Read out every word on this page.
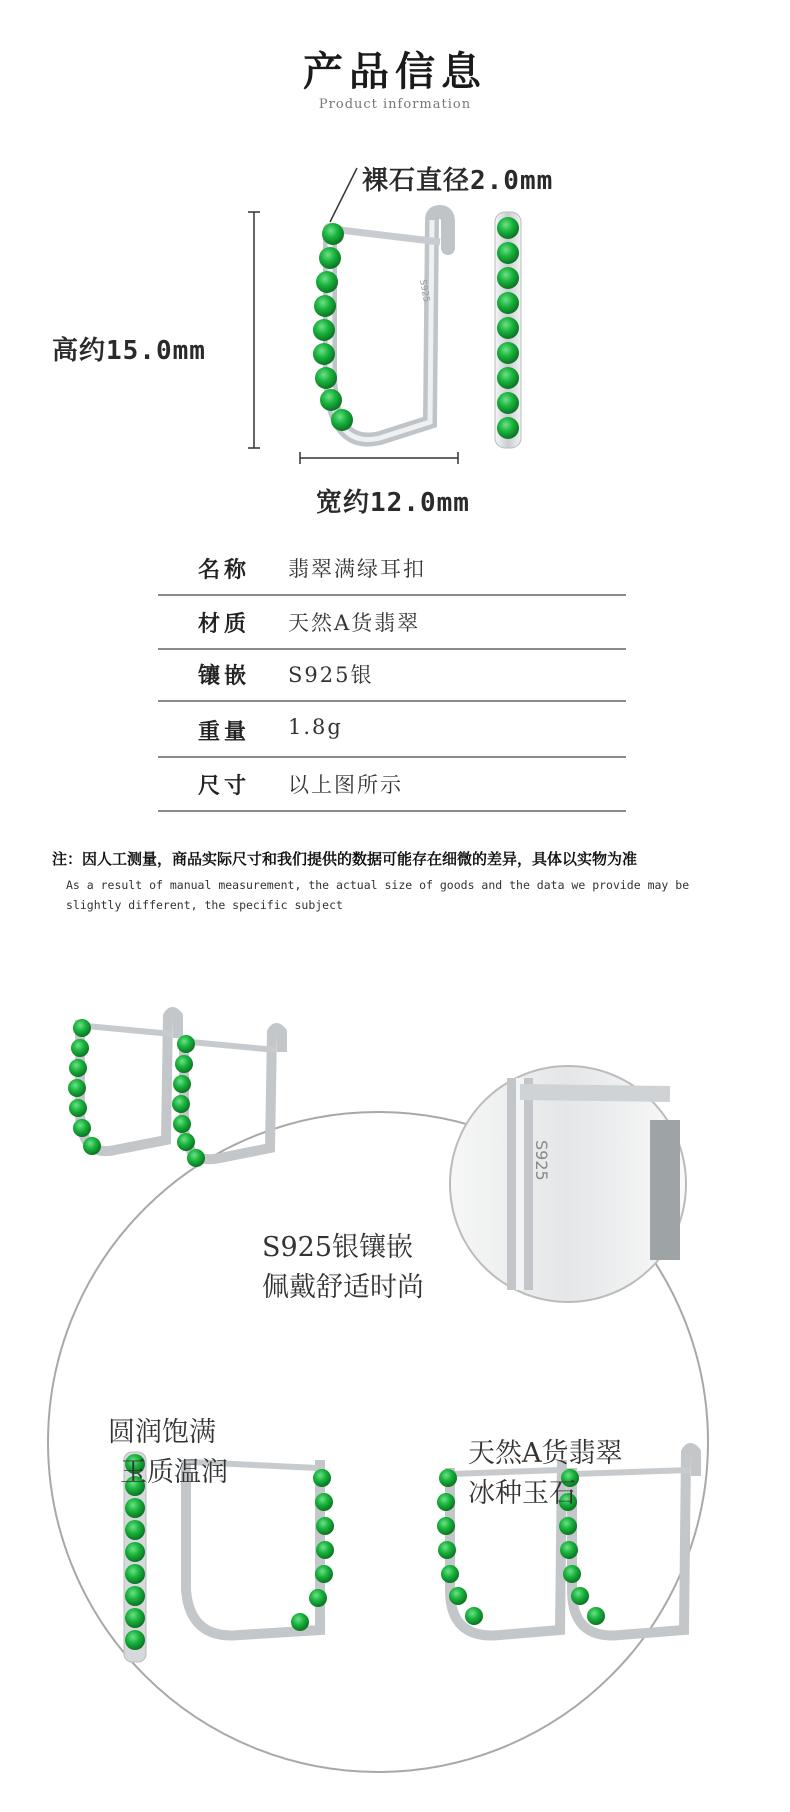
产品信息
Product information
S925
裸石直径2.0mm
高约15.0mm
宽约12.0mm
名称 翡翠满绿耳扣
材质 天然A货翡翠
镶嵌 S925银
重量 1.8g
尺寸 以上图所示
注：因人工测量，商品实际尺寸和我们提供的数据可能存在细微的差异，具体以实物为准
As a result of manual measurement, the actual size of goods and the data we provide may be slightly different, the specific subject
S925
S925银镶嵌
佩戴舒适时尚
圆润饱满
玉质温润
天然A货翡翠
冰种玉石
